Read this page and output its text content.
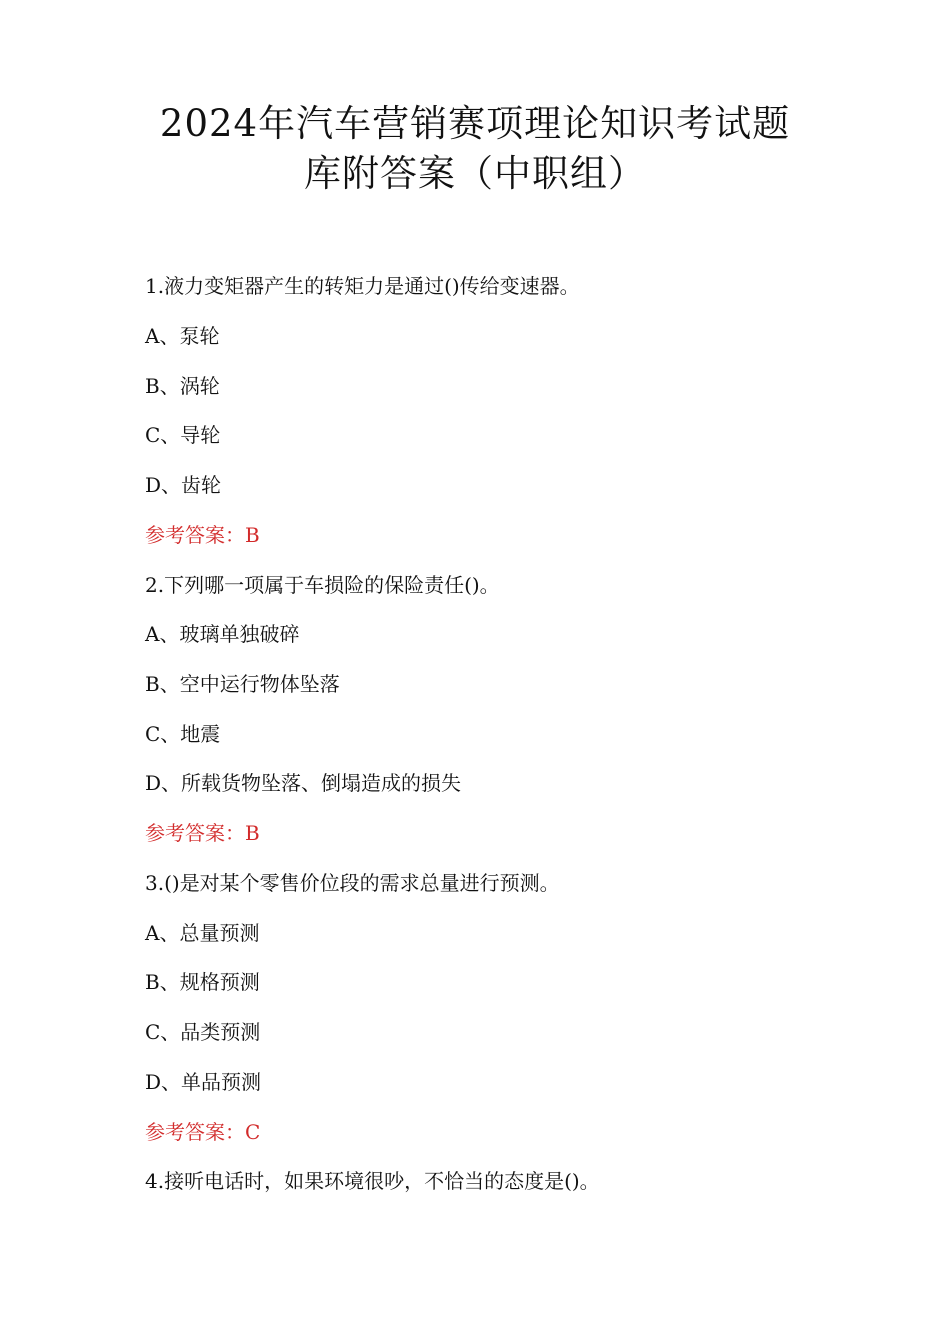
2024年汽车营销赛项理论知识考试题
库附答案（中职组）
1.液力变矩器产生的转矩力是通过()传给变速器。
A、泵轮
B、涡轮
C、导轮
D、齿轮
参考答案：B
2.下列哪一项属于车损险的保险责任()。
A、玻璃单独破碎
B、空中运行物体坠落
C、地震
D、所载货物坠落、倒塌造成的损失
参考答案：B
3.()是对某个零售价位段的需求总量进行预测。
A、总量预测
B、规格预测
C、品类预测
D、单品预测
参考答案：C
4.接听电话时，如果环境很吵，不恰当的态度是()。
